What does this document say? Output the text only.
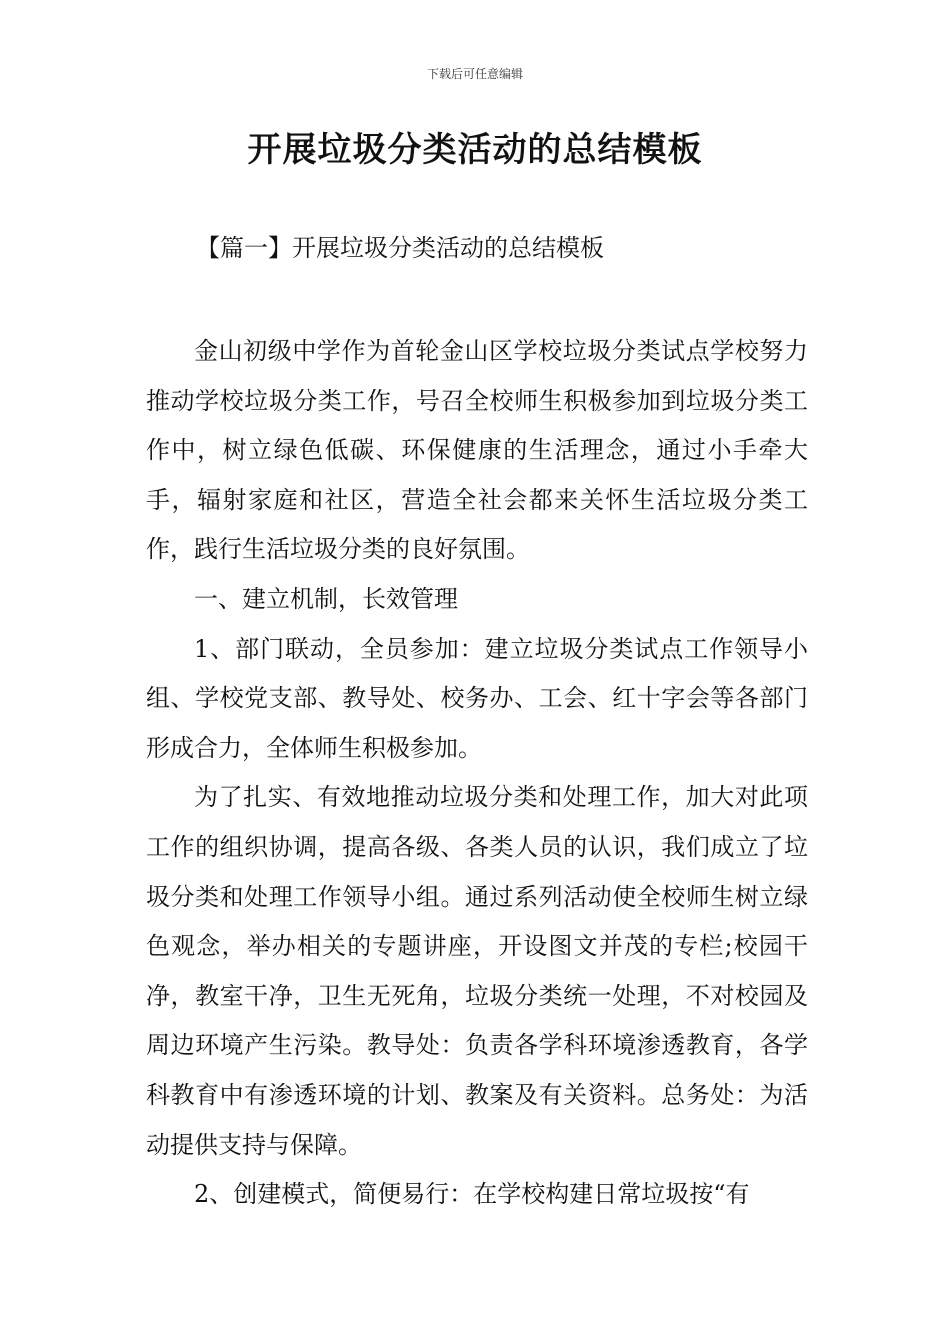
下载后可任意编辑
开展垃圾分类活动的总结模板
【篇一】开展垃圾分类活动的总结模板

金山初级中学作为首轮金山区学校垃圾分类试点学校努力推动学校垃圾分类工作，号召全校师生积极参加到垃圾分类工作中，树立绿色低碳、环保健康的生活理念，通过小手牵大手，辐射家庭和社区，营造全社会都来关怀生活垃圾分类工作，践行生活垃圾分类的良好氛围。

一、建立机制，长效管理

1、部门联动，全员参加：建立垃圾分类试点工作领导小组、学校党支部、教导处、校务办、工会、红十字会等各部门形成合力，全体师生积极参加。

为了扎实、有效地推动垃圾分类和处理工作，加大对此项工作的组织协调，提高各级、各类人员的认识，我们成立了垃圾分类和处理工作领导小组。通过系列活动使全校师生树立绿色观念，举办相关的专题讲座，开设图文并茂的专栏;校园干净，教室干净，卫生无死角，垃圾分类统一处理，不对校园及周边环境产生污染。教导处：负责各学科环境渗透教育，各学科教育中有渗透环境的计划、教案及有关资料。总务处：为活动提供支持与保障。

2、创建模式，简便易行：在学校构建日常垃圾按“有
